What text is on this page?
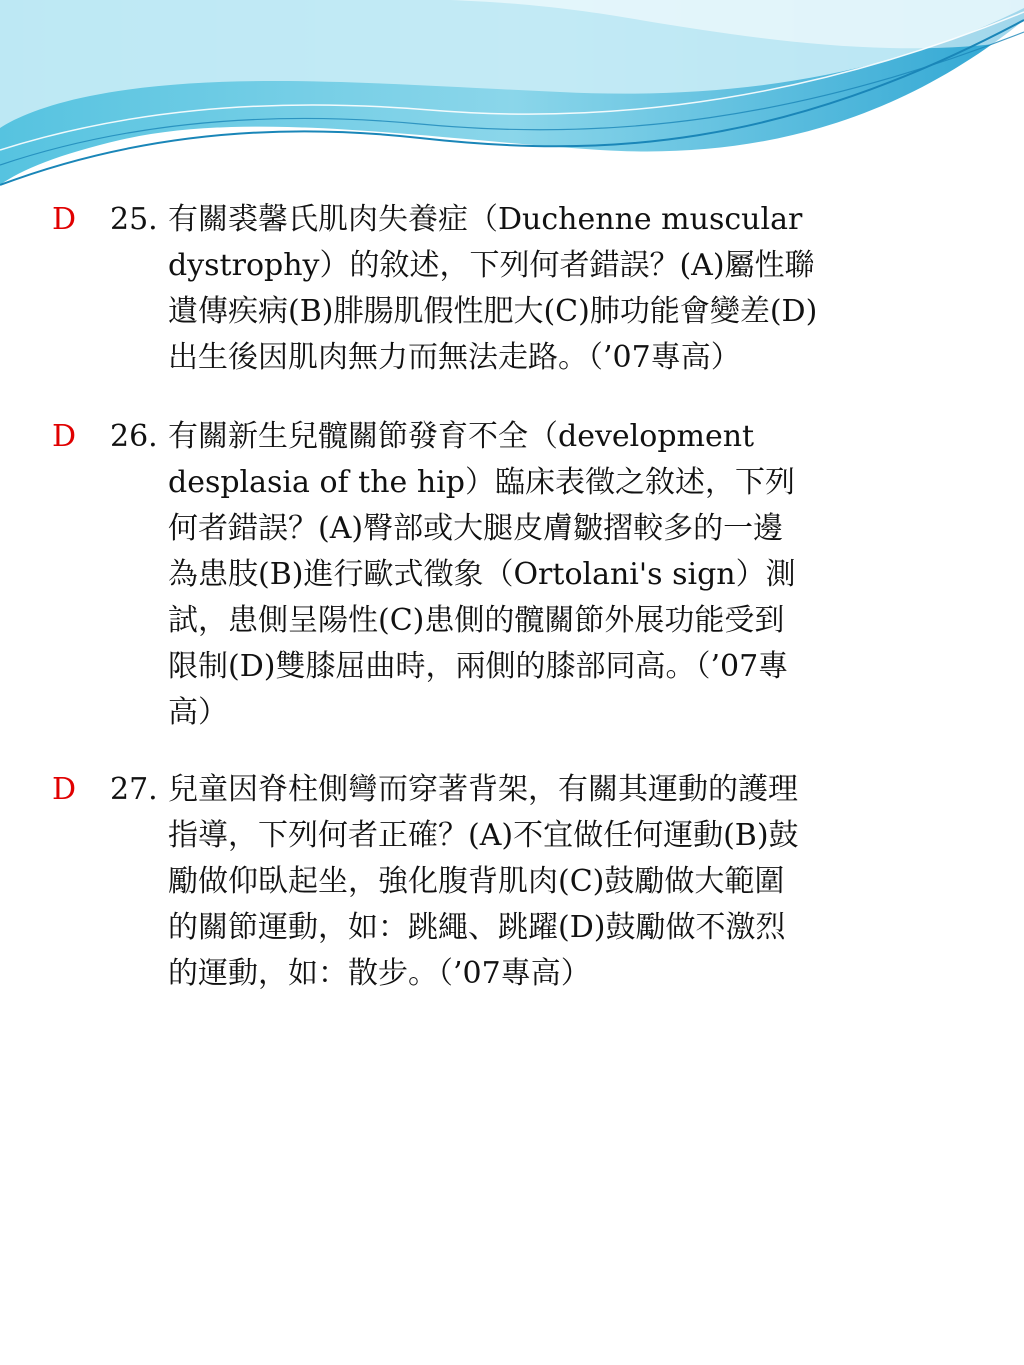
D 25. 有關裘馨氏肌肉失養症（Duchenne muscular
dystrophy）的敘述，下列何者錯誤？(A)屬性聯
遺傳疾病(B)腓腸肌假性肥大(C)肺功能會變差(D)
出生後因肌肉無力而無法走路。（’07專高）
D 26. 有關新生兒髖關節發育不全（development
desplasia of the hip）臨床表徵之敘述，下列
何者錯誤？(A)臀部或大腿皮膚皺摺較多的一邊
為患肢(B)進行歐式徵象（Ortolani's sign）測
試，患側呈陽性(C)患側的髖關節外展功能受到
限制(D)雙膝屈曲時，兩側的膝部同高。（’07專
高）
D 27. 兒童因脊柱側彎而穿著背架，有關其運動的護理
指導，下列何者正確？(A)不宜做任何運動(B)鼓
勵做仰臥起坐，強化腹背肌肉(C)鼓勵做大範圍
的關節運動，如：跳繩、跳躍(D)鼓勵做不激烈
的運動，如：散步。（’07專高）
